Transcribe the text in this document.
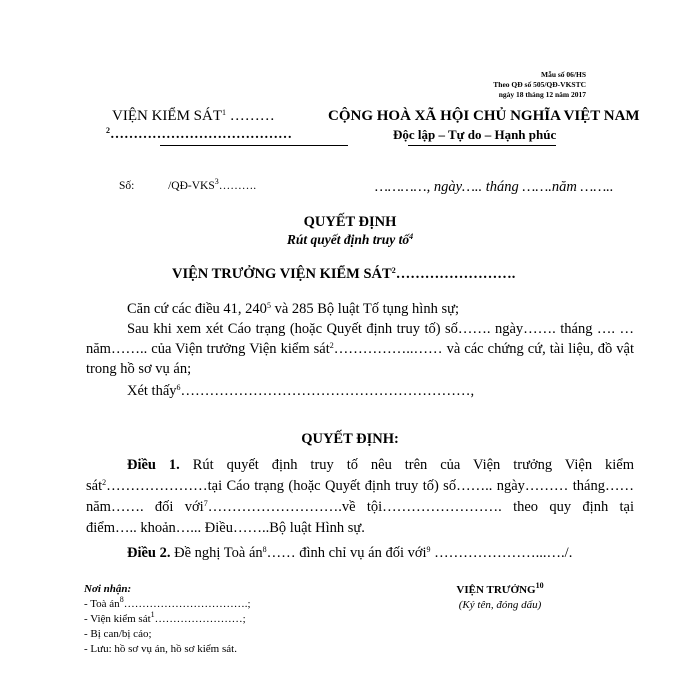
Mẫu số 06/HS
Theo QĐ số 505/QĐ-VKSTC
ngày 18 tháng 12 năm 2017
VIỆN KIỂM SÁT$^1$ ………
$^2$…………………………………
CỘNG HOÀ XÃ HỘI CHỦ NGHĨA VIỆT NAM
Độc lập – Tự do – Hạnh phúc
Số:	/QĐ-VKS$^3$……….	…………, ngày….. tháng …….năm ……..
QUYẾT ĐỊNH
Rút quyết định truy tố$^4$
VIỆN TRƯỞNG VIỆN KIỂM SÁT$^2$…………………….
Căn cứ các điều 41, $240^5$ và 285 Bộ luật Tố tụng hình sự;
Sau khi xem xét Cáo trạng (hoặc Quyết định truy tố) số……. ngày……. tháng …. …năm…….. của Viện trưởng Viện kiểm sát$^2$……………..…… và các chứng cứ, tài liệu, đồ vật trong hồ sơ vụ án;
Xét thấy$^6$……………………………………………………,
QUYẾT ĐỊNH:
Điều 1. Rút quyết định truy tố nêu trên của Viện trưởng Viện kiểm sát$^2$…………………tại Cáo trạng (hoặc Quyết định truy tố) số…….. ngày……… tháng……năm……. đối với$^7$……………………….về tội……………………. theo quy định tại điểm….. khoản…... Điều……..Bộ luật Hình sự.
Điều 2. Đề nghị Toà $án^8\dots\dots$ đình chỉ vụ án đối với$^9$ …………………...…./.
Nơi nhận:
- Toà $án^8\dots\dots\dots\dots\dots\dots\dots\dots\dots\dots\dots$.;
- Viện kiểm sát$^1$……………………;
- Bị can/bị cáo;
- Lưu: hồ sơ vụ án, hồ sơ kiểm sát.
VIỆN TRƯỞNG$^{10}$
(Ký tên, đóng dấu)
